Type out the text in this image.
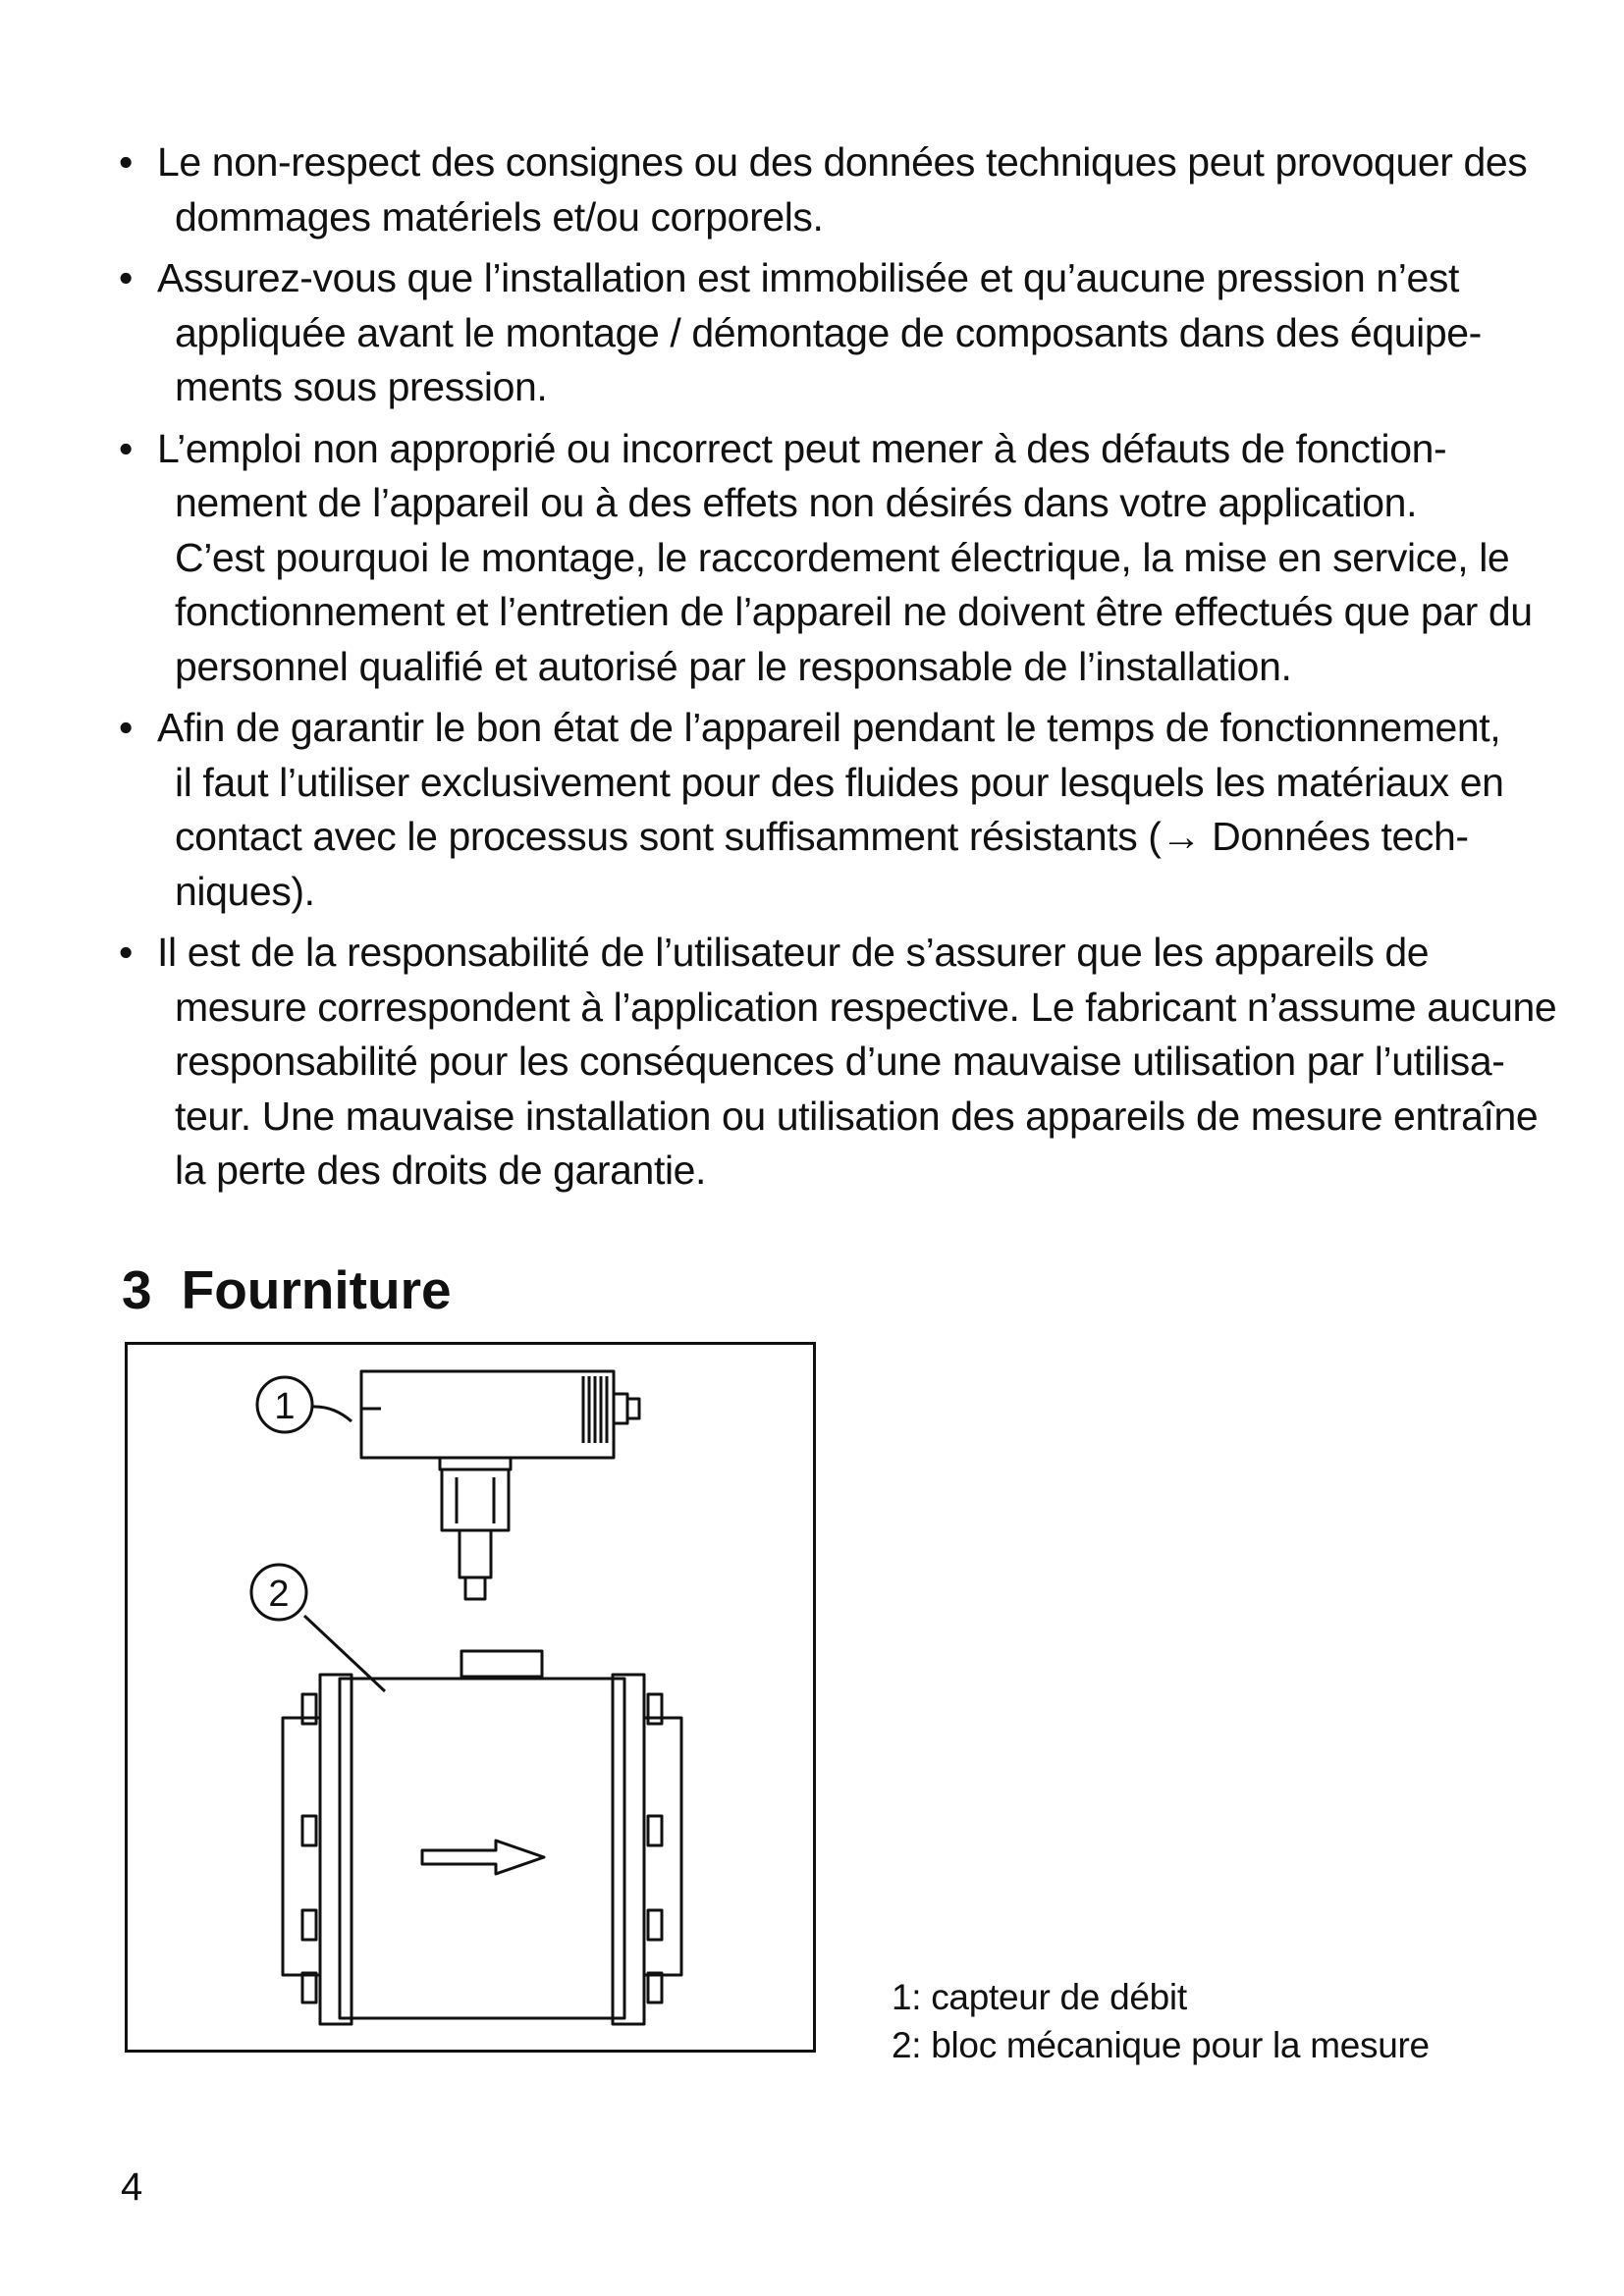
• Le non-respect des consignes ou des données techniques peut provoquer des
dommages matériels et/ou corporels.
• Assurez-vous que l’installation est immobilisée et qu’aucune pression n’est
appliquée avant le montage / démontage de composants dans des équipe-
ments sous pression.
• L’emploi non approprié ou incorrect peut mener à des défauts de fonction-
nement de l’appareil ou à des effets non désirés dans votre application.
C’est pourquoi le montage, le raccordement électrique, la mise en service, le
fonctionnement et l’entretien de l’appareil ne doivent être effectués que par du
personnel qualifié et autorisé par le responsable de l’installation.
• Afin de garantir le bon état de l’appareil pendant le temps de fonctionnement,
il faut l’utiliser exclusivement pour des fluides pour lesquels les matériaux en
contact avec le processus sont suffisamment résistants (→ Données tech-
niques).
• Il est de la responsabilité de l’utilisateur de s’assurer que les appareils de
mesure correspondent à l’application respective. Le fabricant n’assume aucune
responsabilité pour les conséquences d’une mauvaise utilisation par l’utilisa-
teur. Une mauvaise installation ou utilisation des appareils de mesure entraîne
la perte des droits de garantie.
3 Fourniture
1
2
1: capteur de débit
2: bloc mécanique pour la mesure
4
